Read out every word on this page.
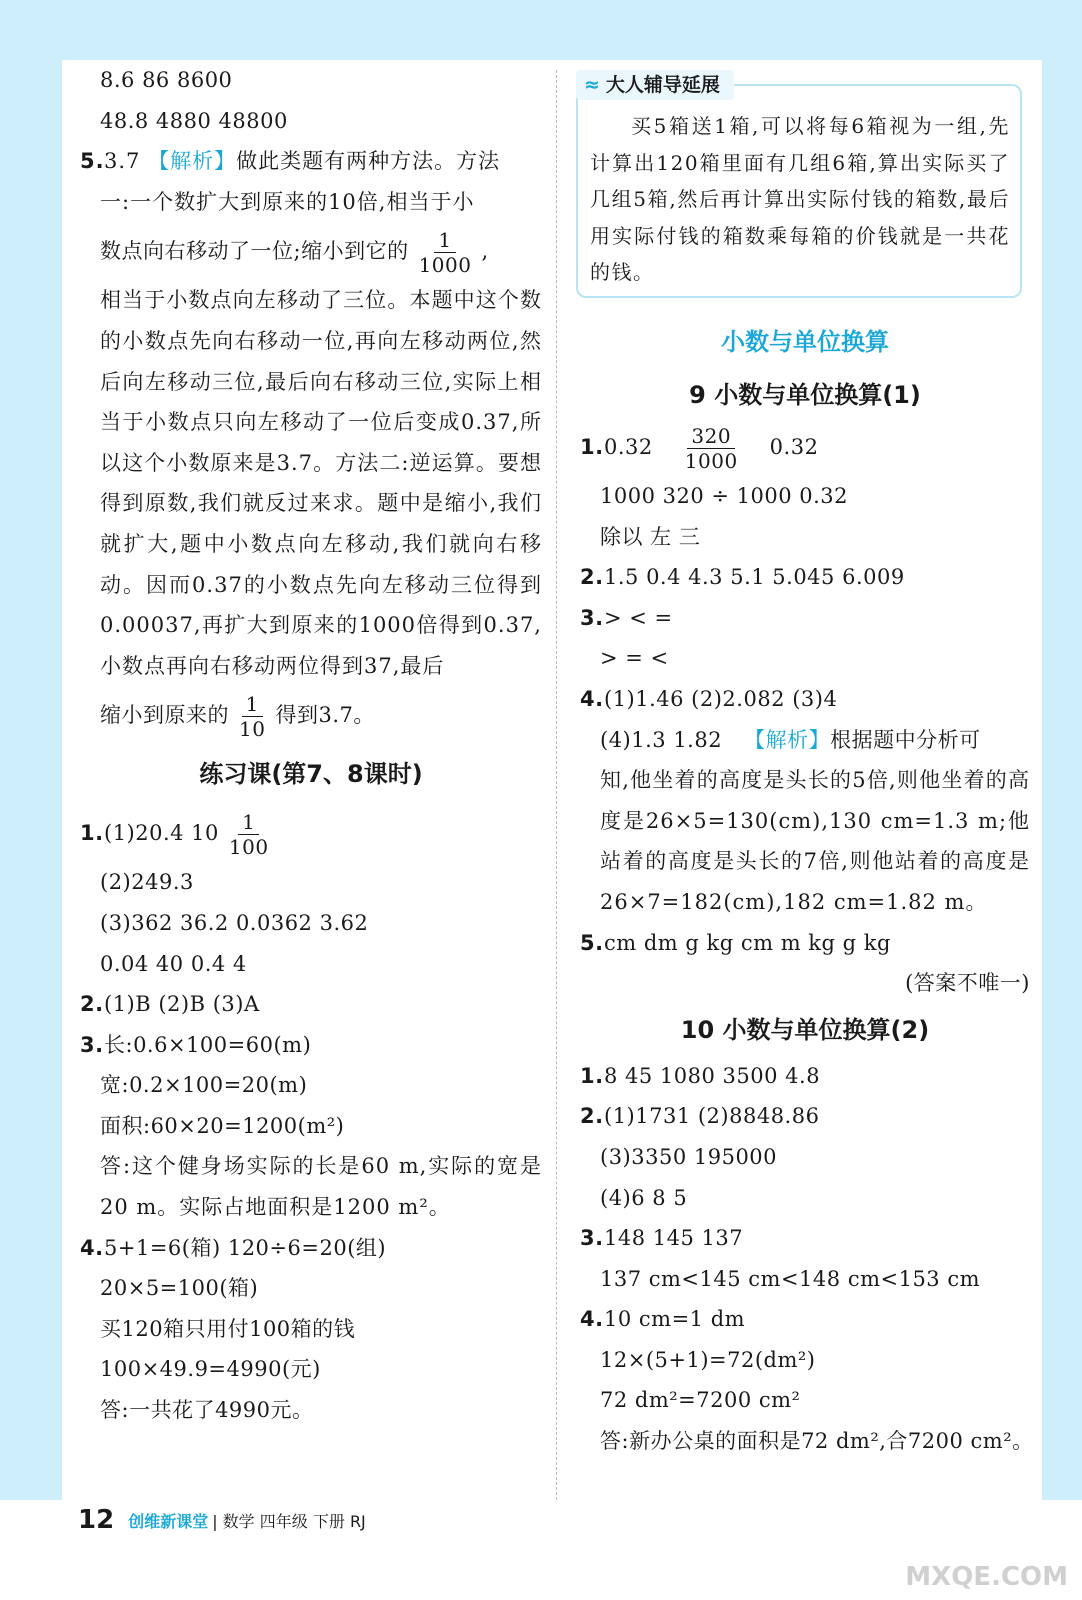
8.6 86 8600
48.8 4880 48800
5.3.7 【解析】做此类题有两种方法。方法
一:一个数扩大到原来的10倍,相当于小
数点向右移动了一位;缩小到它的 $\frac{1}{1000}$ ,
相当于小数点向左移动了三位。本题中这个数的小数点先向右移动一位,再向左移动两位,然后向左移动三位,最后向右移动三位,实际上相当于小数点只向左移动了一位后变成0.37,所以这个小数原来是3.7。方法二:逆运算。要想得到原数,我们就反过来求。题中是缩小,我们就扩大,题中小数点向左移动,我们就向右移动。因而0.37的小数点先向左移动三位得到0.00037,再扩大到原来的1000倍得到0.37,小数点再向右移动两位得到37,最后
缩小到原来的 $\frac{1}{10}$ 得到3.7。
练习课(第7、8课时)
1.(1)20.4 $10 \frac{1}{100}$
(2)249.3
(3)362 36.2 0.0362 3.62
0.04 40 0.4 4
2.(1)B (2)B (3)A
3.长:0.6×100=60(m)
宽:0.2×100=20(m)
面积:60×20=1200(m²)
答:这个健身场实际的长是60 m,实际的宽是20 m。实际占地面积是1200 m²。
4.5+1=6(箱) 120÷6=20(组)
20×5=100(箱)
买120箱只用付100箱的钱
100×49.9=4990(元)
答:一共花了4990元。
≈ 大人辅导延展
买5箱送1箱,可以将每6箱视为一组,先计算出120箱里面有几组6箱,算出实际买了几组5箱,然后再计算出实际付钱的箱数,最后用实际付钱的箱数乘每箱的价钱就是一共花的钱。
小数与单位换算
9 小数与单位换算(1)
$1.0.32 \frac{320}{1000} 0.32$
1000 320 ÷ 1000 0.32
除以 左 三
2.1.5 0.4 4.3 5.1 5.045 6.009
3.> < =
> = <
4.(1)1.46 (2)2.082 (3)4
(4)1.3 1.82 【解析】根据题中分析可
知,他坐着的高度是头长的5倍,则他坐着的高度是26×5=130(cm),130 cm=1.3 m;他站着的高度是头长的7倍,则他站着的高度是26×7=182(cm),182 cm=1.82 m。
5.cm dm g kg cm m kg g kg
(答案不唯一)
10 小数与单位换算(2)
1.8 45 1080 3500 4.8
2.(1)1731 (2)8848.86
(3)3350 195000
(4)6 8 5
3.148 145 137
137 cm<145 cm<148 cm<153 cm
4.10 cm=1 dm
12×(5+1)=72(dm²)
72 dm²=7200 cm²
答:新办公桌的面积是72 dm²,合7200 cm²。
12 创维新课堂 | 数学 四年级 下册 RJ
MXQE.COM
